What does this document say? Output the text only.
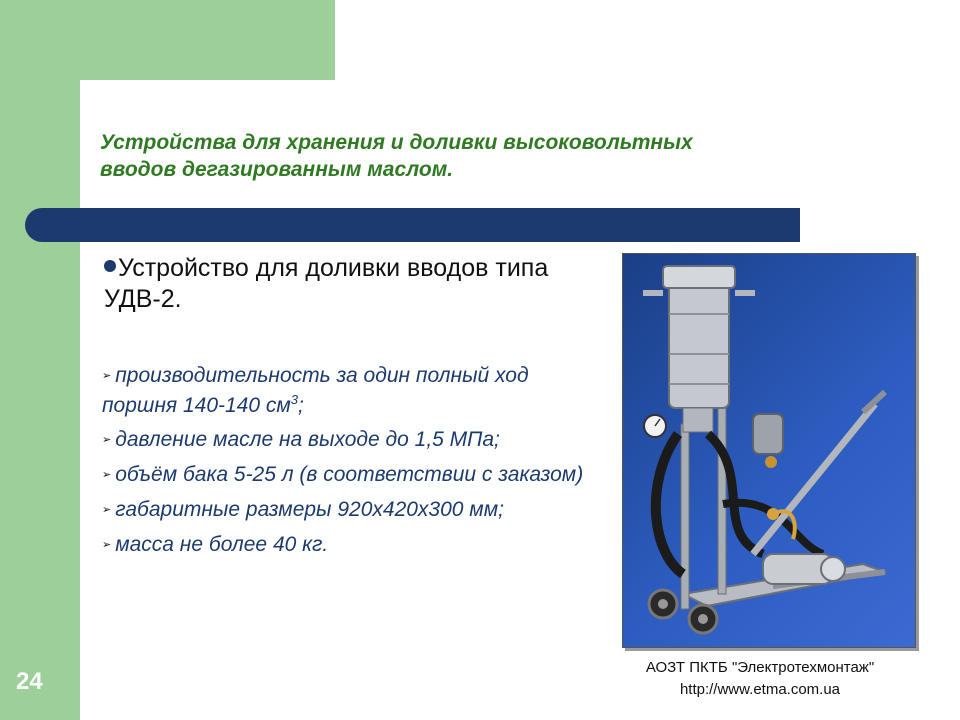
Устройства для хранения и доливки высоковольтных
вводов дегазированным маслом.
Устройство для доливки вводов типа УДВ-2.
➢ производительность за один полный ход поршня 140-140 $см^3$;
➢ давление масле на выходе до 1,5 МПа;
➢ объём бака 5-25 л (в соответствии с заказом)
➢ габаритные размеры 920х420х300 мм;
➢ масса не более 40 кг.
АОЗТ ПКТБ "Электротехмонтаж"
http://www.etma.com.ua
24
